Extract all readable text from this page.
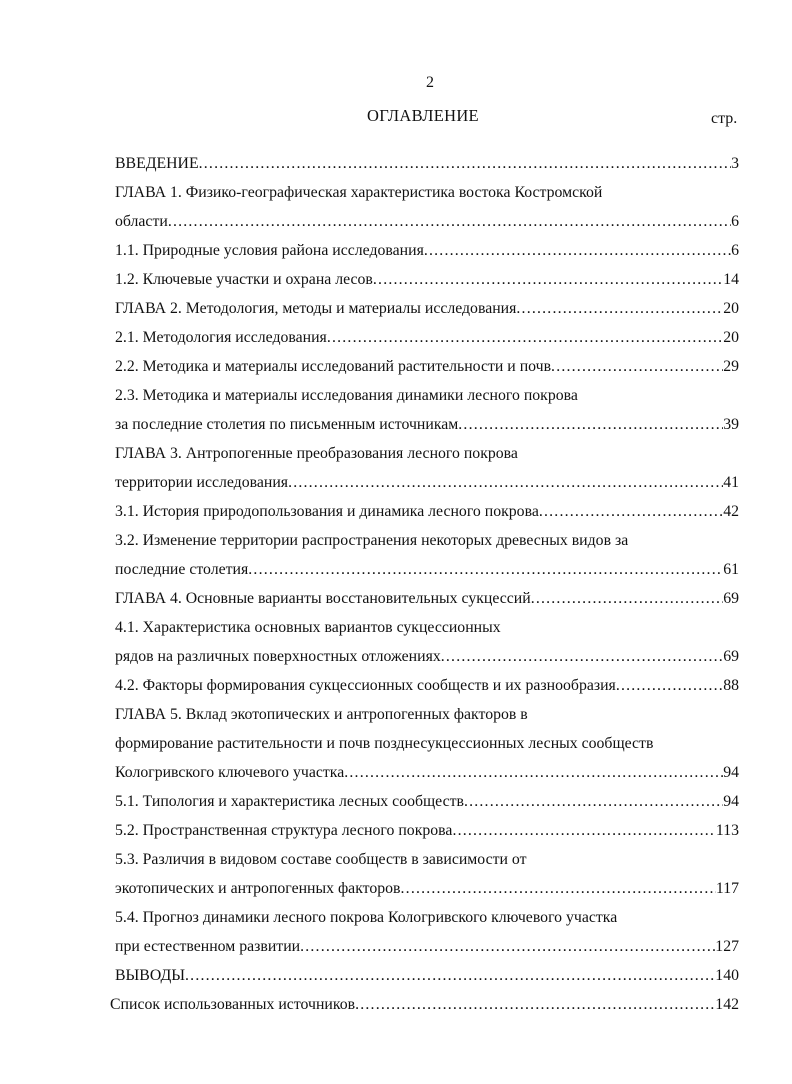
2
ОГЛАВЛЕНИЕ	стр.
ВВЕДЕНИЕ .....	3
ГЛАВА 1. Физико-географическая характеристика востока Костромской
области .....	6
1.1. Природные условия района исследования .....	6
1.2. Ключевые участки и охрана лесов .....	14
ГЛАВА 2. Методология, методы и материалы исследования .....	20
2.1. Методология исследования .....	20
2.2. Методика и материалы исследований растительности и почв .....	29
2.3. Методика и материалы исследования динамики лесного покрова
за последние столетия по письменным источникам .....	39
ГЛАВА 3. Антропогенные преобразования лесного покрова
территории исследования .....	41
3.1. История природопользования и динамика лесного покрова .....	42
3.2. Изменение территории распространения некоторых древесных видов за
последние столетия .....	61
ГЛАВА 4. Основные варианты восстановительных сукцессий .....	69
4.1. Характеристика основных вариантов сукцессионных
рядов на различных поверхностных отложениях .....	69
4.2. Факторы формирования сукцессионных сообществ и их разнообразия .....	88
ГЛАВА 5. Вклад экотопических и антропогенных факторов в
формирование растительности и почв позднесукцессионных лесных сообществ
Кологривского ключевого участка .....	94
5.1. Типология и характеристика лесных сообществ .....	94
5.2. Пространственная структура лесного покрова .....	113
5.3. Различия в видовом составе сообществ в зависимости от
экотопических и антропогенных факторов .....	117
5.4. Прогноз динамики лесного покрова Кологривского ключевого участка
при естественном развитии .....	127
ВЫВОДЫ .....	140
Список использованных источников .....	142
